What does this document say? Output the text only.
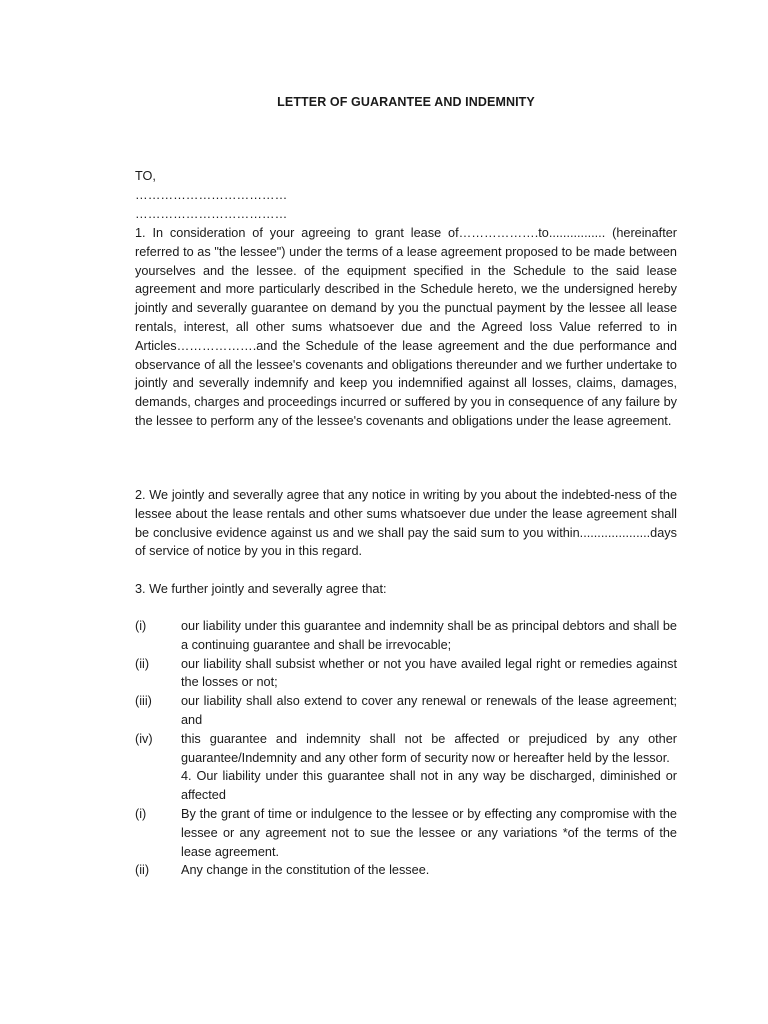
LETTER OF GUARANTEE AND INDEMNITY
TO,
………………………………
………………………………
1. In consideration of your agreeing to grant lease of……………….to................ (hereinafter referred to as "the lessee") under the terms of a lease agreement proposed to be made between yourselves and the lessee. of the equipment specified in the Schedule to the said lease agreement and more particularly described in the Schedule hereto, we the undersigned hereby jointly and severally guarantee on demand by you the punctual payment by the lessee all lease rentals, interest, all other sums whatsoever due and the Agreed loss Value referred to in Articles……………….and the Schedule of the lease agreement and the due performance and observance of all the lessee's covenants and obligations thereunder and we further undertake to jointly and severally indemnify and keep you indemnified against all losses, claims, damages, demands, charges and proceedings incurred or suffered by you in consequence of any failure by the lessee to perform any of the lessee's covenants and obligations under the lease agreement.
2. We jointly and severally agree that any notice in writing by you about the indebted-ness of the lessee about the lease rentals and other sums whatsoever due under the lease agreement shall be conclusive evidence against us and we shall pay the said sum to you within....................days of service of notice by you in this regard.
3. We further jointly and severally agree that:
(i)	our liability under this guarantee and indemnity shall be as principal debtors and shall be a continuing guarantee and shall be irrevocable;
(ii)	our liability shall subsist whether or not you have availed legal right or remedies against the losses or not;
(iii)	our liability shall also extend to cover any renewal or renewals of the lease agreement; and
(iv)	this guarantee and indemnity shall not be affected or prejudiced by any other guarantee/Indemnity and any other form of security now or hereafter held by the lessor.
4. Our liability under this guarantee shall not in any way be discharged, diminished or affected
(i)	By the grant of time or indulgence to the lessee or by effecting any compromise with the lessee or any agreement not to sue the lessee or any variations *of the terms of the lease agreement.
(ii)	Any change in the constitution of the lessee.
